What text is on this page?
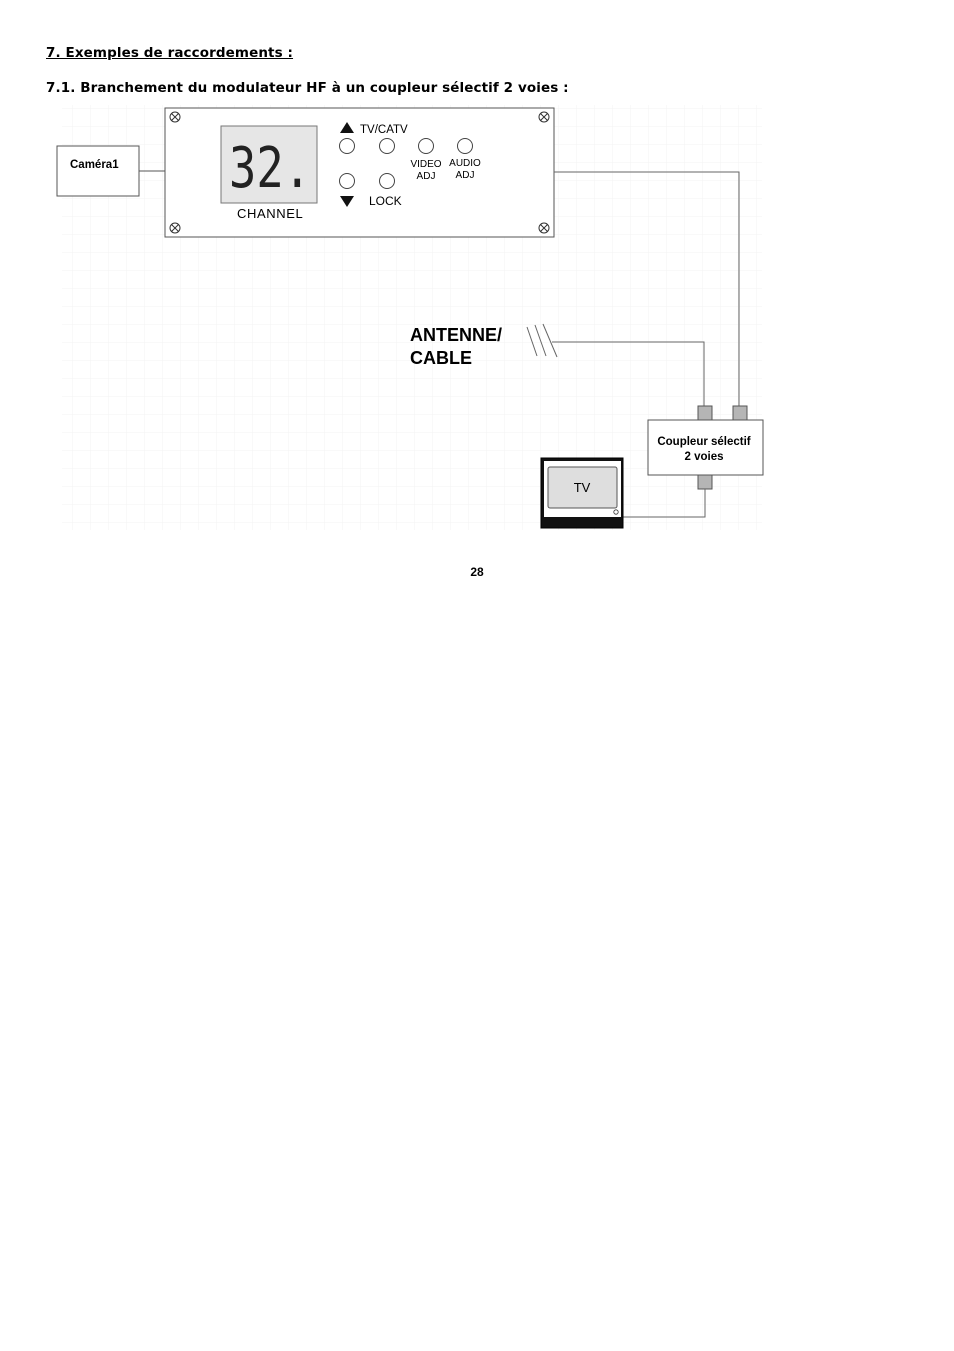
7. Exemples de raccordements :
7.1. Branchement du modulateur HF à un coupleur sélectif 2 voies :
Caméra1 32.
CHANNEL
TV/CATV
VIDEO
ADJ
AUDIO
ADJ
LOCK
ANTENNE/
CABLE
Coupleur sélectif
2 voies
TV
28
